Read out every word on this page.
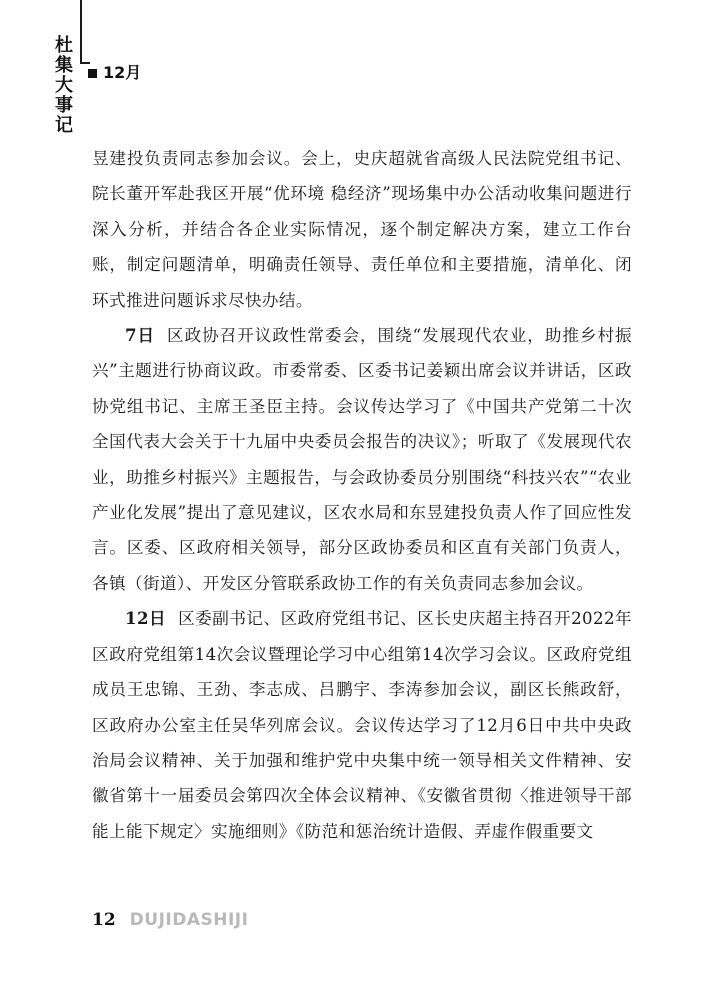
杜集大事记
12月

昱建投负责同志参加会议。会上，史庆超就省高级人民法院党组书记、院长董开军赴我区开展“优环境 稳经济”现场集中办公活动收集问题进行深入分析，并结合各企业实际情况，逐个制定解决方案，建立工作台账，制定问题清单，明确责任领导、责任单位和主要措施，清单化、闭环式推进问题诉求尽快办结。

7日 区政协召开议政性常委会，围绕“发展现代农业，助推乡村振兴”主题进行协商议政。市委常委、区委书记姜颖出席会议并讲话，区政协党组书记、主席王圣臣主持。会议传达学习了《中国共产党第二十次全国代表大会关于十九届中央委员会报告的决议》；听取了《发展现代农业，助推乡村振兴》主题报告，与会政协委员分别围绕“科技兴农”“农业产业化发展”提出了意见建议，区农水局和东昱建投负责人作了回应性发言。区委、区政府相关领导，部分区政协委员和区直有关部门负责人，各镇（街道）、开发区分管联系政协工作的有关负责同志参加会议。

12日 区委副书记、区政府党组书记、区长史庆超主持召开2022年区政府党组第14次会议暨理论学习中心组第14次学习会议。区政府党组成员王忠锦、王劲、李志成、吕鹏宇、李涛参加会议，副区长熊政舒，区政府办公室主任吴华列席会议。会议传达学习了12月6日中共中央政治局会议精神、关于加强和维护党中央集中统一领导相关文件精神、安徽省第十一届委员会第四次全体会议精神、《安徽省贯彻〈推进领导干部能上能下规定〉实施细则》《防范和惩治统计造假、弄虚作假重要文

12 DUJIDASHIJI
